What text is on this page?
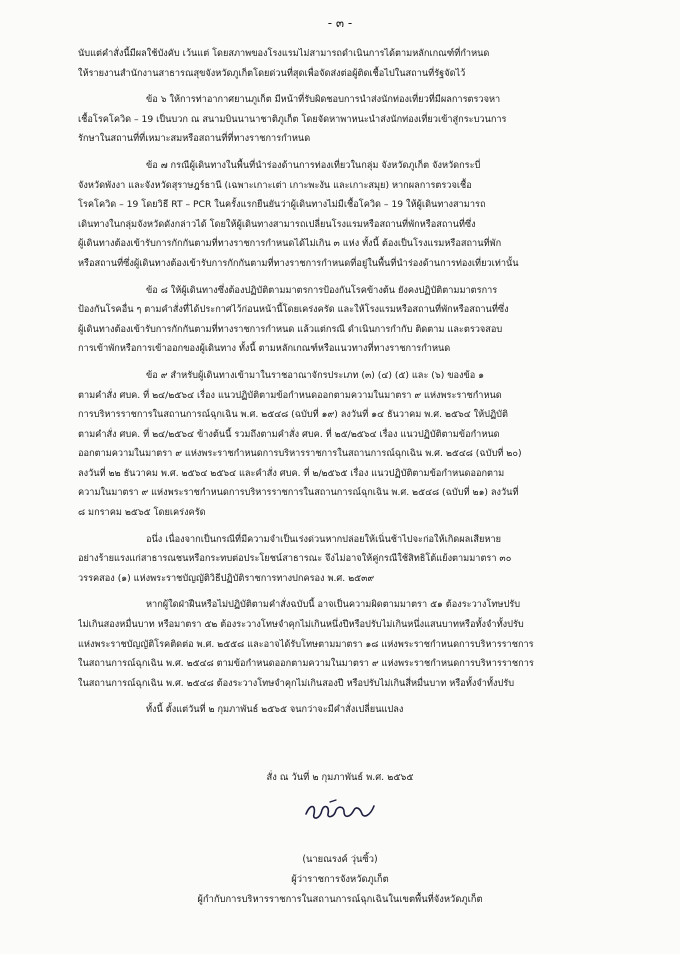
- ๓ -
นับแต่คำสั่งนี้มีผลใช้บังคับ เว้นแต่ โดยสภาพของโรงแรมไม่สามารถดำเนินการได้ตามหลักเกณฑ์ที่กำหนด
ให้รายงานสำนักงานสาธารณสุขจังหวัดภูเก็ตโดยด่วนที่สุดเพื่อจัดส่งต่อผู้ติดเชื้อไปในสถานที่รัฐจัดไว้
ข้อ ๖ ให้การท่าอากาศยานภูเก็ต มีหน้าที่รับผิดชอบการนำส่งนักท่องเที่ยวที่มีผลการตรวจหา
เชื้อโรคโควิด – 19 เป็นบวก ณ สนามบินนานาชาติภูเก็ต โดยจัดหาพาหนะนำส่งนักท่องเที่ยวเข้าสู่กระบวนการ
รักษาในสถานที่ที่เหมาะสมหรือสถานที่ที่ทางราชการกำหนด
ข้อ ๗ กรณีผู้เดินทางในพื้นที่นำร่องด้านการท่องเที่ยวในกลุ่ม จังหวัดภูเก็ต จังหวัดกระบี่
จังหวัดพังงา และจังหวัดสุราษฎร์ธานี (เฉพาะเกาะเต่า เกาะพะงัน และเกาะสมุย) หากผลการตรวจเชื้อ
โรคโควิด – 19 โดยวิธี RT – PCR ในครั้งแรกยืนยันว่าผู้เดินทางไม่มีเชื้อโควิด – 19 ให้ผู้เดินทางสามารถ
เดินทางในกลุ่มจังหวัดดังกล่าวได้ โดยให้ผู้เดินทางสามารถเปลี่ยนโรงแรมหรือสถานที่พักหรือสถานที่ซึ่ง
ผู้เดินทางต้องเข้ารับการกักกันตามที่ทางราชการกำหนดได้ไม่เกิน ๓ แห่ง ทั้งนี้ ต้องเป็นโรงแรมหรือสถานที่พัก
หรือสถานที่ซึ่งผู้เดินทางต้องเข้ารับการกักกันตามที่ทางราชการกำหนดที่อยู่ในพื้นที่นำร่องด้านการท่องเที่ยวเท่านั้น
ข้อ ๘ ให้ผู้เดินทางซึ่งต้องปฏิบัติตามมาตรการป้องกันโรคข้างต้น ยังคงปฏิบัติตามมาตรการ
ป้องกันโรคอื่น ๆ ตามคำสั่งที่ได้ประกาศไว้ก่อนหน้านี้โดยเคร่งครัด และให้โรงแรมหรือสถานที่พักหรือสถานที่ซึ่ง
ผู้เดินทางต้องเข้ารับการกักกันตามที่ทางราชการกำหนด แล้วแต่กรณี ดำเนินการกำกับ ติดตาม และตรวจสอบ
การเข้าพักหรือการเข้าออกของผู้เดินทาง ทั้งนี้ ตามหลักเกณฑ์หรือแนวทางที่ทางราชการกำหนด
ข้อ ๙ สำหรับผู้เดินทางเข้ามาในราชอาณาจักรประเภท (๓) (๔) (๕) และ (๖) ของข้อ ๑
ตามคำสั่ง ศบค. ที่ ๒๔/๒๕๖๔ เรื่อง แนวปฏิบัติตามข้อกำหนดออกตามความในมาตรา ๙ แห่งพระราชกำหนด
การบริหารราชการในสถานการณ์ฉุกเฉิน พ.ศ. ๒๕๔๘ (ฉบับที่ ๑๙) ลงวันที่ ๑๔ ธันวาคม พ.ศ. ๒๕๖๔ ให้ปฏิบัติ
ตามคำสั่ง ศบค. ที่ ๒๔/๒๕๖๔ ข้างต้นนี้ รวมถึงตามคำสั่ง ศบค. ที่ ๒๕/๒๕๖๔ เรื่อง แนวปฏิบัติตามข้อกำหนด
ออกตามความในมาตรา ๙ แห่งพระราชกำหนดการบริหารราชการในสถานการณ์ฉุกเฉิน พ.ศ. ๒๕๔๘ (ฉบับที่ ๒๐)
ลงวันที่ ๒๒ ธันวาคม พ.ศ. ๒๕๖๔ ๒๕๖๔ และคำสั่ง ศบค. ที่ ๒/๒๕๖๕ เรื่อง แนวปฏิบัติตามข้อกำหนดออกตาม
ความในมาตรา ๙ แห่งพระราชกำหนดการบริหารราชการในสถานการณ์ฉุกเฉิน พ.ศ. ๒๕๔๘ (ฉบับที่ ๒๑) ลงวันที่
๘ มกราคม ๒๕๖๕ โดยเคร่งครัด
อนึ่ง เนื่องจากเป็นกรณีที่มีความจำเป็นเร่งด่วนหากปล่อยให้เนิ่นช้าไปจะก่อให้เกิดผลเสียหาย
อย่างร้ายแรงแก่สาธารณชนหรือกระทบต่อประโยชน์สาธารณะ จึงไม่อาจให้คู่กรณีใช้สิทธิโต้แย้งตามมาตรา ๓๐
วรรคสอง (๑) แห่งพระราชบัญญัติวิธีปฏิบัติราชการทางปกครอง พ.ศ. ๒๕๓๙
หากผู้ใดฝ่าฝืนหรือไม่ปฏิบัติตามคำสั่งฉบับนี้ อาจเป็นความผิดตามมาตรา ๕๑ ต้องระวางโทษปรับ
ไม่เกินสองหมื่นบาท หรือมาตรา ๕๒ ต้องระวางโทษจำคุกไม่เกินหนึ่งปีหรือปรับไม่เกินหนึ่งแสนบาทหรือทั้งจำทั้งปรับ
แห่งพระราชบัญญัติโรคติดต่อ พ.ศ. ๒๕๕๘ และอาจได้รับโทษตามมาตรา ๑๘ แห่งพระราชกำหนดการบริหารราชการ
ในสถานการณ์ฉุกเฉิน พ.ศ. ๒๕๔๘ ตามข้อกำหนดออกตามความในมาตรา ๙ แห่งพระราชกำหนดการบริหารราชการ
ในสถานการณ์ฉุกเฉิน พ.ศ. ๒๕๔๘ ต้องระวางโทษจำคุกไม่เกินสองปี หรือปรับไม่เกินสี่หมื่นบาท หรือทั้งจำทั้งปรับ
ทั้งนี้ ตั้งแต่วันที่ ๒ กุมภาพันธ์ ๒๕๖๕ จนกว่าจะมีคำสั่งเปลี่ยนแปลง
สั่ง ณ วันที่ ๒ กุมภาพันธ์ พ.ศ. ๒๕๖๕
(นายณรงค์ วุ่นซิ้ว)
ผู้ว่าราชการจังหวัดภูเก็ต
ผู้กำกับการบริหารราชการในสถานการณ์ฉุกเฉินในเขตพื้นที่จังหวัดภูเก็ต
